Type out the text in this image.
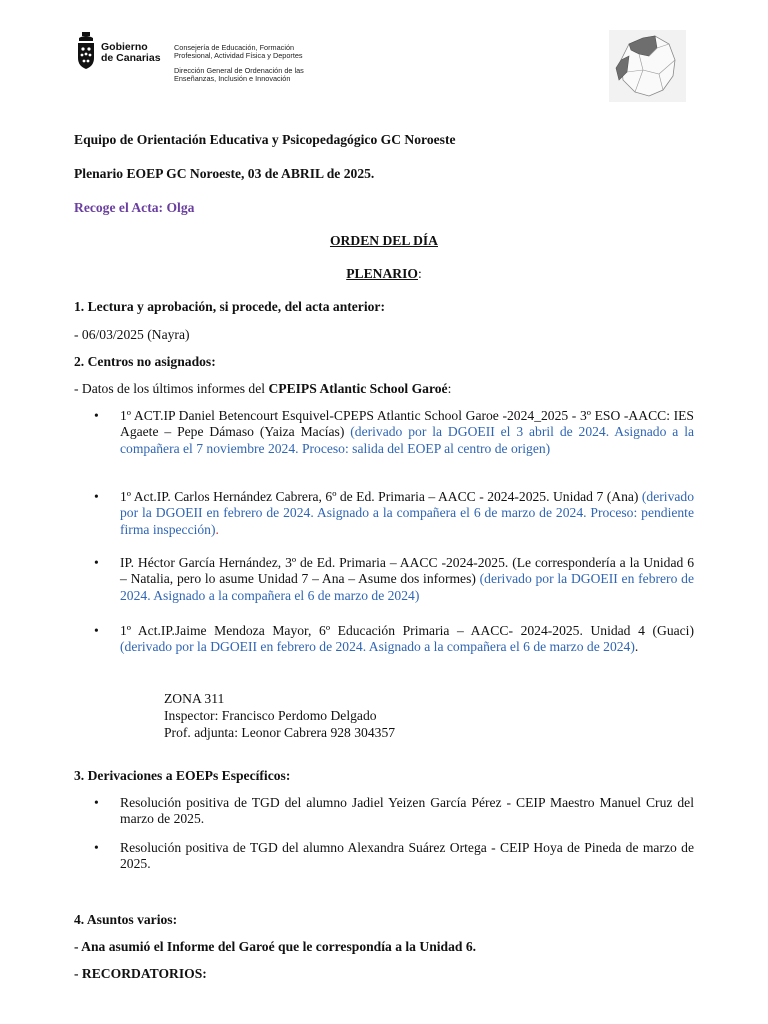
Gobierno
de Canarias
Consejería de Educación, Formación
Profesional, Actividad Física y Deportes
Dirección General de Ordenación de las
Enseñanzas, Inclusión e Innovación
Equipo de Orientación Educativa y Psicopedagógico GC Noroeste
Plenario EOEP GC Noroeste, 03 de ABRIL de 2025.
Recoge el Acta: Olga
ORDEN DEL DÍA
PLENARIO:
1. Lectura y aprobación, si procede, del acta anterior:
- 06/03/2025 (Nayra)
2. Centros no asignados:
- Datos de los últimos informes del CPEIPS Atlantic School Garoé:
• 1º ACT.IP Daniel Betencourt Esquivel-CPEPS Atlantic School Garoe -2024_2025 - 3º ESO -AACC: IES Agaete – Pepe Dámaso (Yaiza Macías) (derivado por la DGOEII el 3 abril de 2024. Asignado a la compañera el 7 noviembre 2024. Proceso: salida del EOEP al centro de origen)
• 1º Act.IP. Carlos Hernández Cabrera, 6º de Ed. Primaria – AACC - 2024-2025. Unidad 7 (Ana) (derivado por la DGOEII en febrero de 2024. Asignado a la compañera el 6 de marzo de 2024. Proceso: pendiente firma inspección).
• IP. Héctor García Hernández, 3º de Ed. Primaria – AACC -2024-2025. (Le correspondería a la Unidad 6 – Natalia, pero lo asume Unidad 7 – Ana – Asume dos informes) (derivado por la DGOEII en febrero de 2024. Asignado a la compañera el 6 de marzo de 2024)
• 1º Act.IP.Jaime Mendoza Mayor, 6º Educación Primaria – AACC- 2024-2025. Unidad 4 (Guaci) (derivado por la DGOEII en febrero de 2024. Asignado a la compañera el 6 de marzo de 2024).
ZONA 311
Inspector: Francisco Perdomo Delgado
Prof. adjunta: Leonor Cabrera 928 304357
3. Derivaciones a EOEPs Específicos:
• Resolución positiva de TGD del alumno Jadiel Yeizen García Pérez - CEIP Maestro Manuel Cruz del marzo de 2025.
• Resolución positiva de TGD del alumno Alexandra Suárez Ortega - CEIP Hoya de Pineda de marzo de 2025.
4. Asuntos varios:
- Ana asumió el Informe del Garoé que le correspondía a la Unidad 6.
- RECORDATORIOS:
